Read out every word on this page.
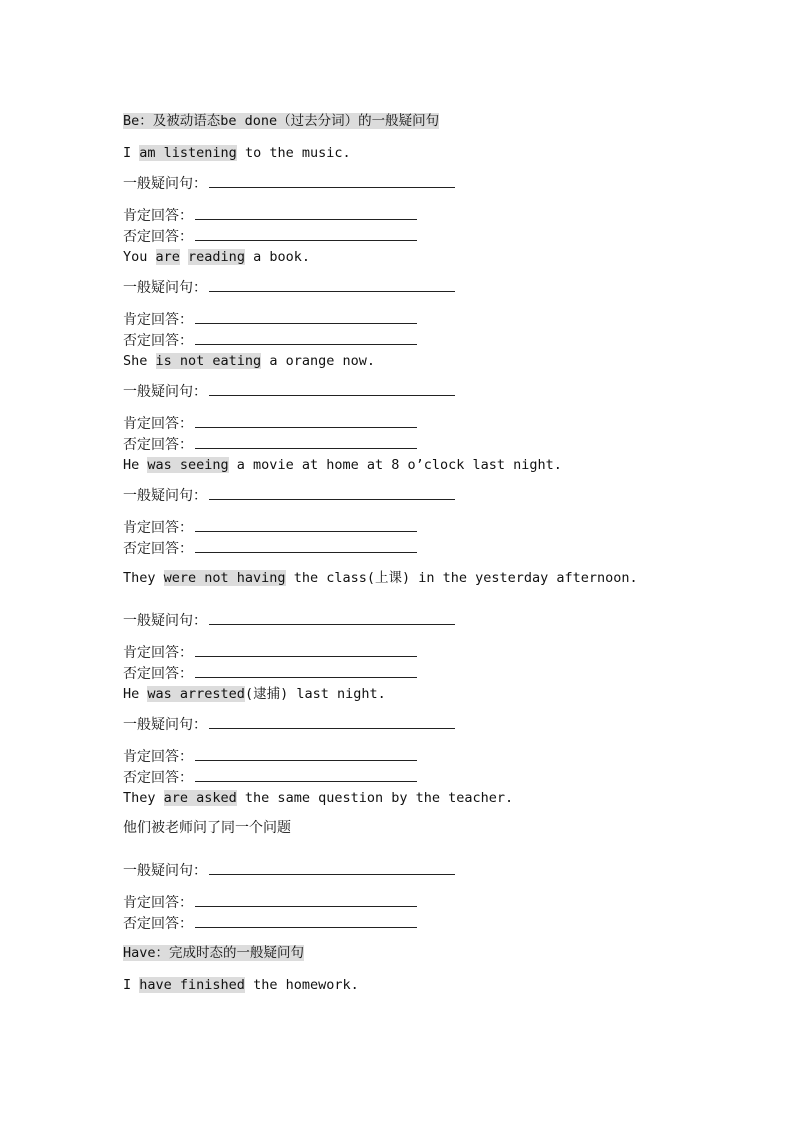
Be：及被动语态be done（过去分词）的一般疑问句
I am listening to the music.
一般疑问句：
肯定回答：
否定回答：
You are reading a book.
一般疑问句：
肯定回答：
否定回答：
She is not eating a orange now.
一般疑问句：
肯定回答：
否定回答：
He was seeing a movie at home at 8 o’clock last night.
一般疑问句：
肯定回答：
否定回答：
They were not having the class(上课) in the yesterday afternoon.
一般疑问句：
肯定回答：
否定回答：
He was arrested(逮捕) last night.
一般疑问句：
肯定回答：
否定回答：
They are asked the same question by the teacher.
他们被老师问了同一个问题
一般疑问句：
肯定回答：
否定回答：
Have：完成时态的一般疑问句
I have finished the homework.
